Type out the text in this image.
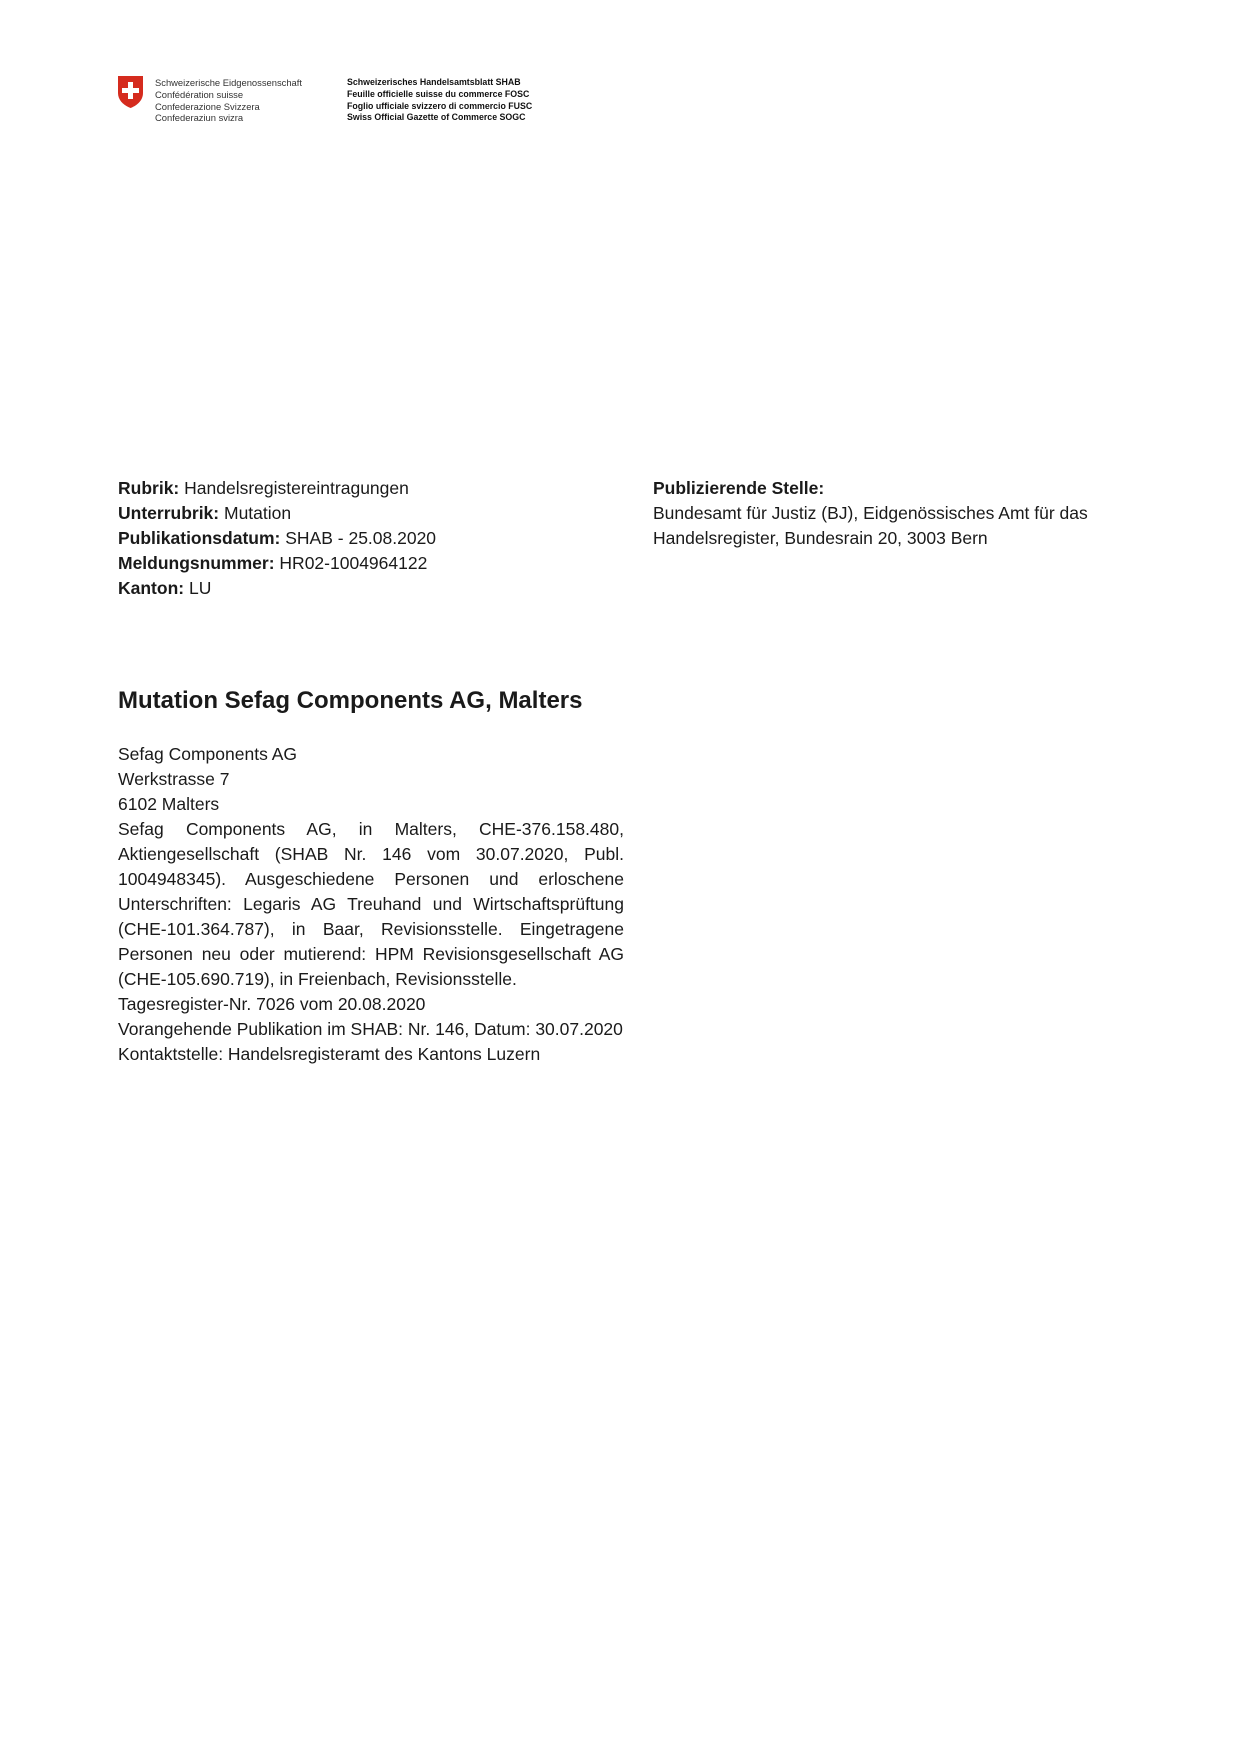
Schweizerische Eidgenossenschaft
Confédération suisse
Confederazione Svizzera
Confederaziun svizra
Schweizerisches Handelsamtsblatt SHAB
Feuille officielle suisse du commerce FOSC
Foglio ufficiale svizzero di commercio FUSC
Swiss Official Gazette of Commerce SOGC
Rubrik: Handelsregistereintragungen
Unterrubrik: Mutation
Publikationsdatum: SHAB - 25.08.2020
Meldungsnummer: HR02-1004964122
Kanton: LU
Publizierende Stelle:
Bundesamt für Justiz (BJ), Eidgenössisches Amt für das Handelsregister, Bundesrain 20, 3003 Bern
Mutation Sefag Components AG, Malters
Sefag Components AG
Werkstrasse 7
6102 Malters
Sefag Components AG, in Malters, CHE-376.158.480, Aktiengesellschaft (SHAB Nr. 146 vom 30.07.2020, Publ. 1004948345). Ausgeschiedene Personen und erloschene Unterschriften: Legaris AG Treuhand und Wirtschaftsprüftung (CHE-101.364.787), in Baar, Revisionsstelle. Eingetragene Personen neu oder mutierend: HPM Revisionsgesellschaft AG (CHE-105.690.719), in Freienbach, Revisionsstelle.
Tagesregister-Nr. 7026 vom 20.08.2020
Vorangehende Publikation im SHAB: Nr. 146, Datum: 30.07.2020
Kontaktstelle: Handelsregisteramt des Kantons Luzern
